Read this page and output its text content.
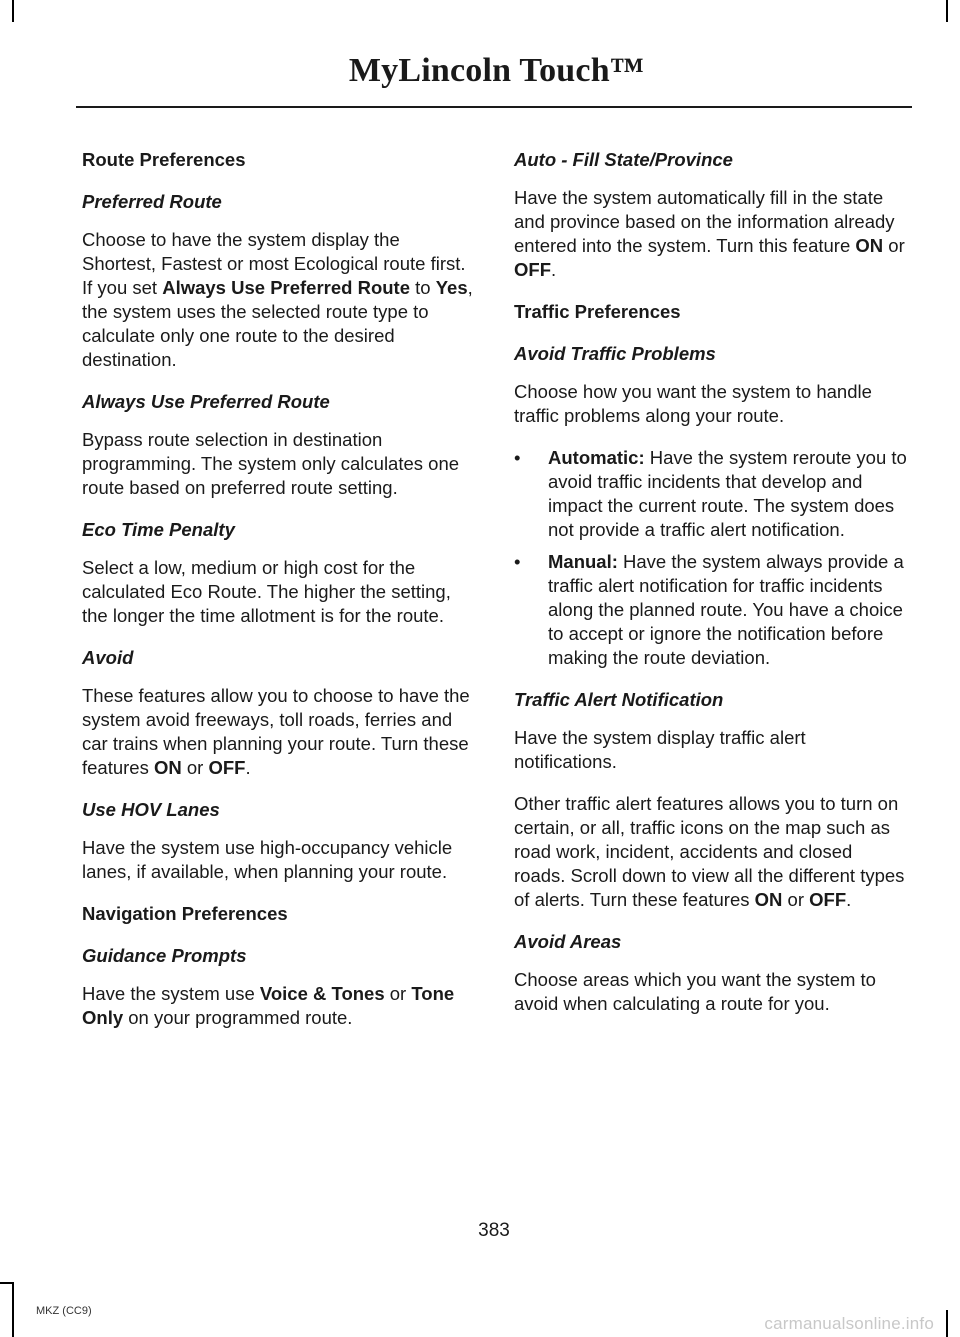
MyLincoln Touch™
Route Preferences
Preferred Route

Choose to have the system display the Shortest, Fastest or most Ecological route first. If you set Always Use Preferred Route to Yes, the system uses the selected route type to calculate only one route to the desired destination.

Always Use Preferred Route

Bypass route selection in destination programming. The system only calculates one route based on preferred route setting.

Eco Time Penalty

Select a low, medium or high cost for the calculated Eco Route. The higher the setting, the longer the time allotment is for the route.

Avoid

These features allow you to choose to have the system avoid freeways, toll roads, ferries and car trains when planning your route. Turn these features ON or OFF.

Use HOV Lanes

Have the system use high-occupancy vehicle lanes, if available, when planning your route.

Navigation Preferences
Guidance Prompts

Have the system use Voice & Tones or Tone Only on your programmed route.

Auto - Fill State/Province

Have the system automatically fill in the state and province based on the information already entered into the system. Turn this feature ON or OFF.

Traffic Preferences
Avoid Traffic Problems

Choose how you want the system to handle traffic problems along your route.

• Automatic: Have the system reroute you to avoid traffic incidents that develop and impact the current route. The system does not provide a traffic alert notification.
• Manual: Have the system always provide a traffic alert notification for traffic incidents along the planned route. You have a choice to accept or ignore the notification before making the route deviation.
Traffic Alert Notification

Have the system display traffic alert notifications.

Other traffic alert features allows you to turn on certain, or all, traffic icons on the map such as road work, incident, accidents and closed roads. Scroll down to view all the different types of alerts. Turn these features ON or OFF.

Avoid Areas

Choose areas which you want the system to avoid when calculating a route for you.

383
MKZ (CC9)
carmanualsonline.info
